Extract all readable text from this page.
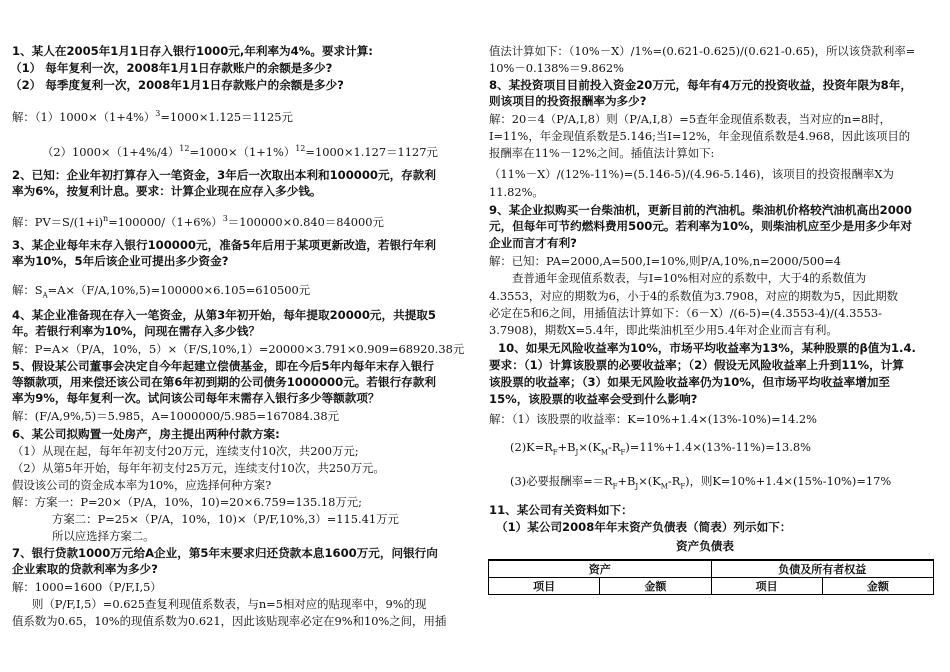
1、某人在2005年1月1日存入银行1000元,年利率为4%。要求计算:
（1） 每年复利一次，2008年1月1日存款账户的余额是多少?
（2） 每季度复利一次，2008年1月1日存款账户的余额是多少?
解：$(1)1000\times(1+4\%)^3=1000\times 1.125=1125$元
$(2)1000\times(1+4\%/4)^{12}=1000\times(1+1\%)^{12}=1000\times 1.127=1127$元
2、已知：企业年初打算存入一笔资金，3年后一次取出本利和100000元，存款利
率为6%，按复利计息。要求：计算企业现在应存入多少钱。
解：$PV=S/(1+i)^n=100000/(1+6\%)^3=100000\times 0.840=84000$元
3、某企业每年末存入银行100000元，准备5年后用于某项更新改造，若银行年利
率为10%，5年后该企业可提出多少资金?
解：$S_A=A\times(F/A,10\%,5)=100000\times 6.105=610500$元
4、某企业准备现在存入一笔资金，从第3年初开始，每年提取20000元，共提取5
年。若银行利率为10%，问现在需存入多少钱？
解：P=A×（P/A，10%，5）×（F/S,10%,1）=20000×3.791×0.909=68920.38元
5、假设某公司董事会决定自今年起建立偿债基金，即在今后5年内每年末存入银行
等额款项，用来偿还该公司在第6年初到期的公司债务1000000元。若银行存款利
率为9%，每年复利一次。试问该公司每年末需存入银行多少等额款项？
解：(F/A,9%,5)＝5.985，A=1000000/5.985=167084.38元
6、某公司拟购置一处房产，房主提出两种付款方案:
（1）从现在起，每年年初支付20万元，连续支付10次，共200万元;
（2）从第5年开始，每年年初支付25万元，连续支付10次，共250万元。
假设该公司的资金成本率为10%，应选择何种方案?
解：方案一：P=20×（P/A，10%，10)=20×6.759=135.18万元;
方案二：P=25×（P/A，10%，10)×（P/F,10%,3）=115.41万元
所以应选择方案二。
7、银行贷款1000万元给A企业，第5年末要求归还贷款本息1600万元，问银行向
企业索取的贷款利率为多少?
解：1000=1600（P/F,I,5）
则（P/F,I,5）=0.625查复利现值系数表，与n=5相对应的贴现率中，9%的现
值系数为0.65，10%的现值系数为0.621，因此该贴现率必定在9%和10%之间，用插
值法计算如下：（10%－X）/1%=(0.621-0.625)/(0.621-0.65)，所以该贷款利率=
10%－0.138%＝9.862%
8、某投资项目目前投入资金20万元，每年有4万元的投资收益，投资年限为8年，
则该项目的投资报酬率为多少?
解：20＝4（P/A,I,8）则（P/A,I,8）=5查年金现值系数表，当对应的n=8时，
I=11%，年金现值系数是5.146;当I=12%，年金现值系数是4.968，因此该项目的
报酬率在11%－12%之间。插值法计算如下:
（11%－X）/(12%-11%)=(5.146-5)/(4.96-5.146)，该项目的投资报酬率X为
11.82%。
9、某企业拟购买一台柴油机，更新目前的汽油机。柴油机价格较汽油机高出2000
元，但每年可节约燃料费用500元。若利率为10%，则柴油机应至少是用多少年对
企业而言才有利?
解：已知：PA=2000,A=500,I=10%,则P/A,10%,n=2000/500=4
查普通年金现值系数表，与I=10%相对应的系数中，大于4的系数值为
4.3553，对应的期数为6，小于4的系数值为3.7908，对应的期数为5，因此期数
必定在5和6之间，用插值法计算如下：（6－X）/(6-5)=(4.3553-4)/(4.3553-
3.7908)，期数X=5.4年，即此柴油机至少用5.4年对企业而言有利。
10、如果无风险收益率为10%，市场平均收益率为13%，某种股票的β值为1.4.
要求：（1）计算该股票的必要收益率；（2）假设无风险收益率上升到11%，计算
该股票的收益率；（3）如果无风险收益率仍为10%，但市场平均收益率增加至
15%，该股票的收益率会受到什么影响?
解：（1）该股票的收益率：K=10%+1.4×(13%-10%)=14.2%
$(2)K=R_F+B_J\times(K_M-R_F)=11\%+1.4\times(13\%-11\%)=13.8\%$
(3)必要报酬率$==R_F+B_J\times(K_M-R_F)$，则K=10%+1.4×(15%-10%)=17%
11、某公司有关资料如下：
（1）某公司2008年年末资产负债表（简表）列示如下：
资产负债表
资产		负债及所有者权益	
项目	金额	项目	金额
